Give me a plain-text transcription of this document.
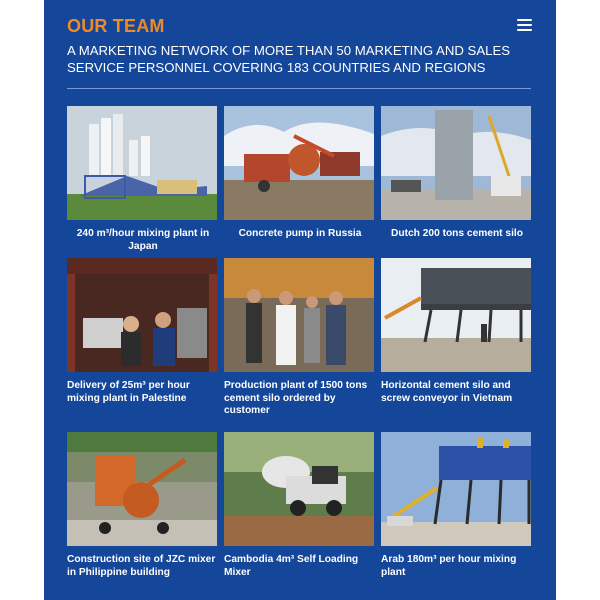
OUR TEAM
A MARKETING NETWORK OF MORE THAN 50 MARKETING AND SALES SERVICE PERSONNEL COVERING 183 COUNTRIES AND REGIONS
240 m³/hour mixing plant in Japan
Concrete pump in Russia	Dutch 200 tons cement silo
Delivery of 25m³ per hour mixing plant in Palestine
Production plant of 1500 tons cement silo ordered by customer
Horizontal cement silo and screw conveyor in Vietnam
Construction site of JZC mixer in Philippine building
Cambodia 4m³ Self Loading Mixer
Arab 180m³ per hour mixing plant
